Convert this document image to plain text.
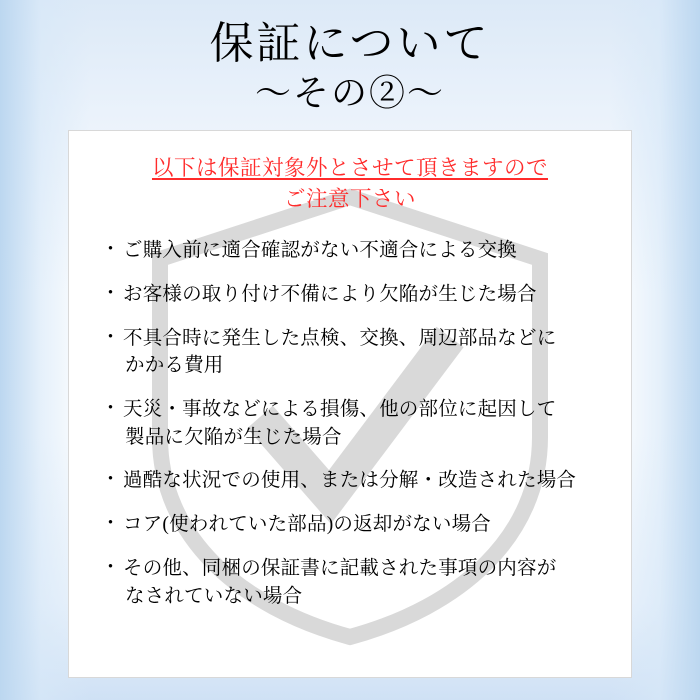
保証について
～その②～
以下は保証対象外とさせて頂きますので
ご注意下さい
・ ご購入前に適合確認がない不適合による交換
・ お客様の取り付け不備により欠陥が生じた場合
・ 不具合時に発生した点検、交換、周辺部品などに
かかる費用
・ 天災・事故などによる損傷、他の部位に起因して
製品に欠陥が生じた場合
・ 過酷な状況での使用、または分解・改造された場合
・ コア(使われていた部品)の返却がない場合
・ その他、同梱の保証書に記載された事項の内容が
なされていない場合
